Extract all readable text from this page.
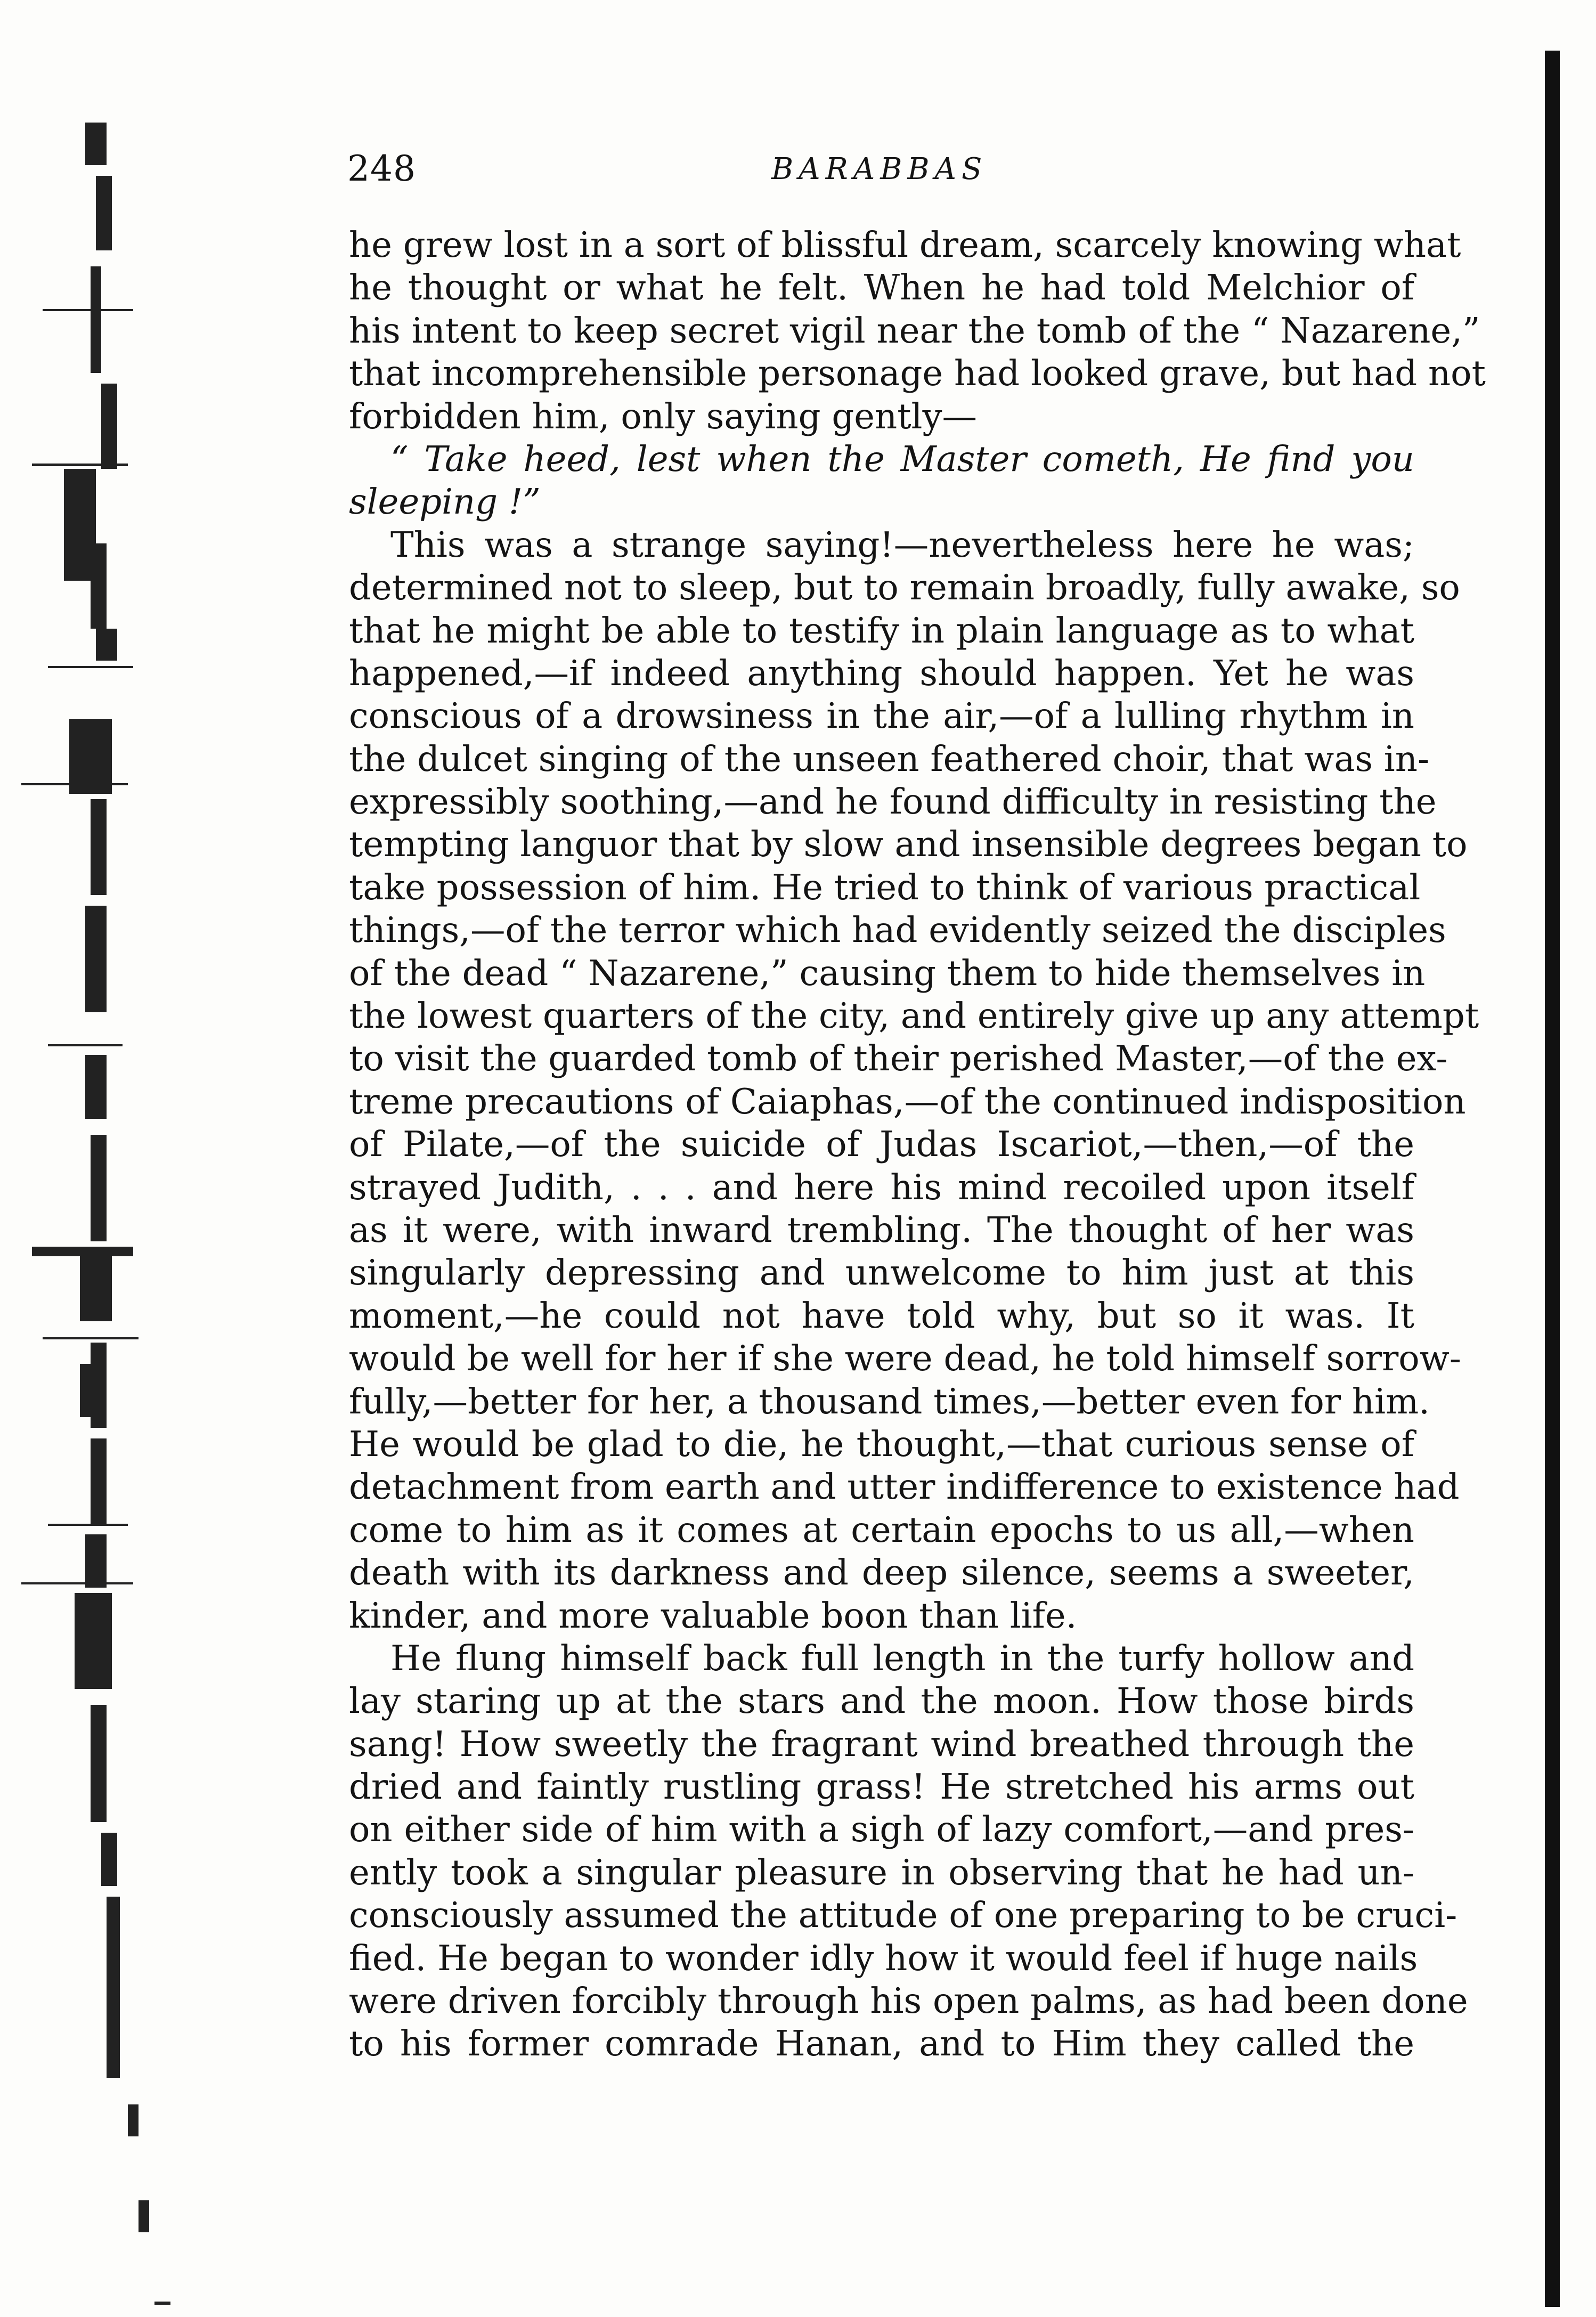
248	BARABBAS
he grew lost in a sort of blissful dream, scarcely knowing what
he thought or what he felt. When he had told Melchior of
his intent to keep secret vigil near the tomb of the “ Nazarene,”
that incomprehensible personage had looked grave, but had not
forbidden him, only saying gently—
“ Take heed, lest when the Master cometh, He find you
sleeping !”
This was a strange saying!—nevertheless here he was;
determined not to sleep, but to remain broadly, fully awake, so
that he might be able to testify in plain language as to what
happened,—if indeed anything should happen. Yet he was
conscious of a drowsiness in the air,—of a lulling rhythm in
the dulcet singing of the unseen feathered choir, that was in-
expressibly soothing,—and he found difficulty in resisting the
tempting languor that by slow and insensible degrees began to
take possession of him. He tried to think of various practical
things,—of the terror which had evidently seized the disciples
of the dead “ Nazarene,” causing them to hide themselves in
the lowest quarters of the city, and entirely give up any attempt
to visit the guarded tomb of their perished Master,—of the ex-
treme precautions of Caiaphas,—of the continued indisposition
of Pilate,—of the suicide of Judas Iscariot,—then,—of the
strayed Judith, . . . and here his mind recoiled upon itself
as it were, with inward trembling. The thought of her was
singularly depressing and unwelcome to him just at this
moment,—he could not have told why, but so it was. It
would be well for her if she were dead, he told himself sorrow-
fully,—better for her, a thousand times,—better even for him.
He would be glad to die, he thought,—that curious sense of
detachment from earth and utter indifference to existence had
come to him as it comes at certain epochs to us all,—when
death with its darkness and deep silence, seems a sweeter,
kinder, and more valuable boon than life.
He flung himself back full length in the turfy hollow and
lay staring up at the stars and the moon. How those birds
sang! How sweetly the fragrant wind breathed through the
dried and faintly rustling grass! He stretched his arms out
on either side of him with a sigh of lazy comfort,—and pres-
ently took a singular pleasure in observing that he had un-
consciously assumed the attitude of one preparing to be cruci-
fied. He began to wonder idly how it would feel if huge nails
were driven forcibly through his open palms, as had been done
to his former comrade Hanan, and to Him they called the
